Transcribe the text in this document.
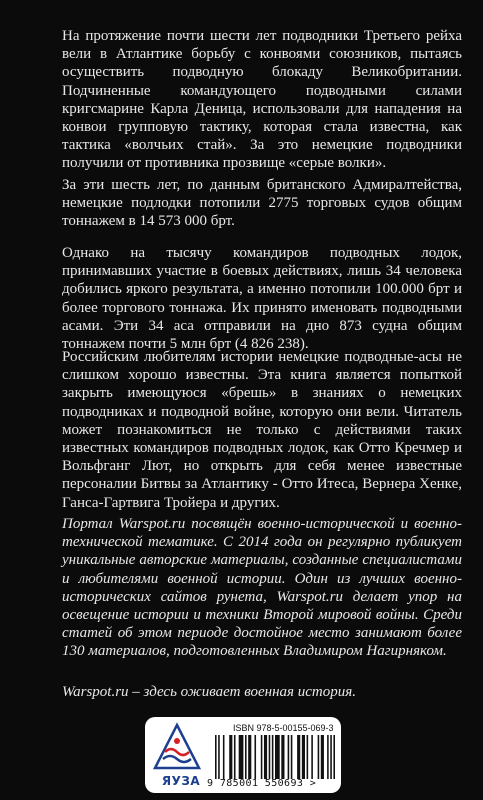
На протяжение почти шести лет подводники Третьего рейха вели в Атлантике борьбу с конвоями союзников, пытаясь осуществить подводную блокаду Великобритании. Подчиненные командующего подводными силами кригсмарине Карла Деница, использовали для нападения на конвои групповую тактику, которая стала известна, как тактика «волчьих стай». За это немецкие подводники получили от противника прозвище «серые волки».

За эти шесть лет, по данным британского Адмиралтейства, немецкие подлодки потопили 2775 торговых судов общим тоннажем в 14 573 000 брт.

Однако на тысячу командиров подводных лодок, принимавших участие в боевых действиях, лишь 34 человека добились яркого результата, а именно потопили 100.000 брт и более торгового тоннажа. Их принято именовать подводными асами. Эти 34 аса отправили на дно 873 судна общим тоннажем почти 5 млн брт (4 826 238).

Российским любителям истории немецкие подводные-асы не слишком хорошо известны. Эта книга является попыткой закрыть имеющуюся «брешь» в знаниях о немецких подводниках и подводной войне, которую они вели. Читатель может познакомиться не только с действиями таких известных командиров подводных лодок, как Отто Кречмер и Вольфганг Лют, но открыть для себя менее известные персоналии Битвы за Атлантику - Отто Итеса, Вернера Хенке, Ганса-Гартвига Тройера и других.

Портал Warspot.ru посвящён военно-исторической и военно-технической тематике. С 2014 года он регулярно публикует уникальные авторские материалы, созданные специалистами и любителями военной истории. Один из лучших военно-исторических сайтов рунета, Warspot.ru делает упор на освещение истории и техники Второй мировой войны. Среди статей об этом периоде достойное место занимают более 130 материалов, подготовленных Владимиром Нагирняком.

Warspot.ru – здесь оживает военная история.

ЯУЗА
ISBN 978-5-00155-069-3
9 785001 550693 >
